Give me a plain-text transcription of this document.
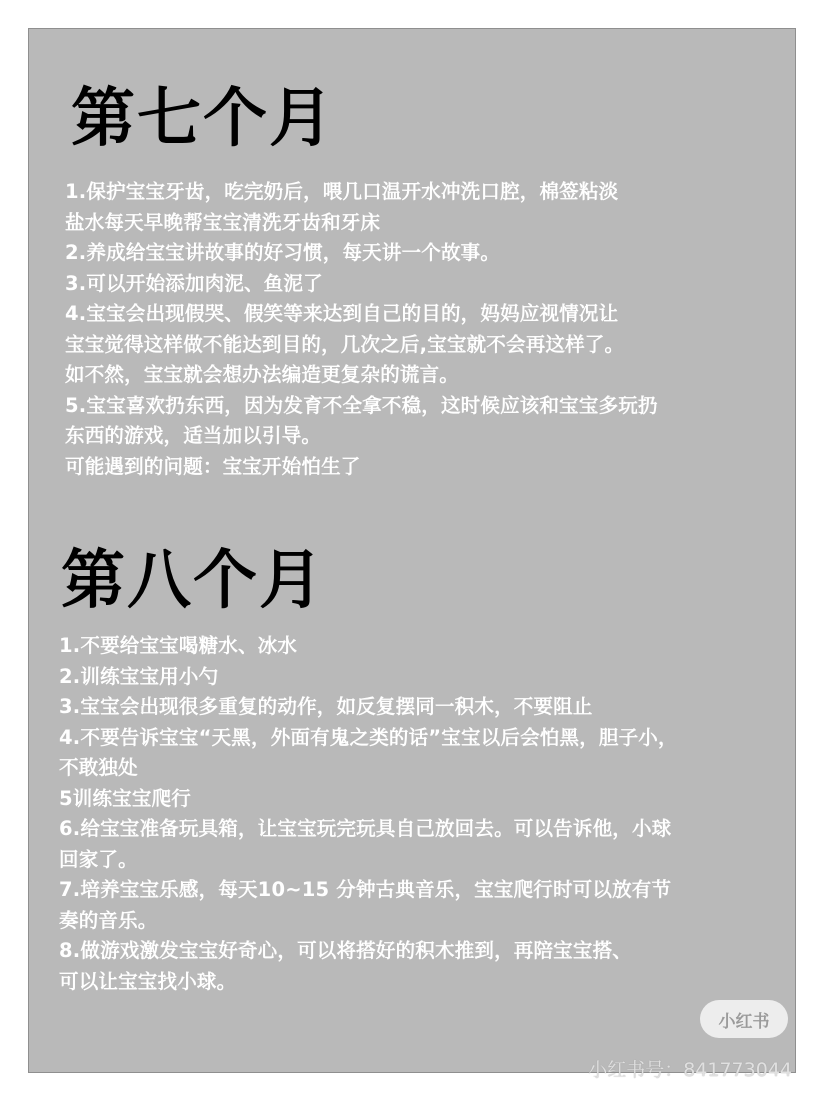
第七个月
1.保护宝宝牙齿，吃完奶后，喂几口温开水冲洗口腔，棉签粘淡
盐水每天早晚帮宝宝清洗牙齿和牙床
2.养成给宝宝讲故事的好习惯，每天讲一个故事。
3.可以开始添加肉泥、鱼泥了
4.宝宝会出现假哭、假笑等来达到自己的目的，妈妈应视情况让
宝宝觉得这样做不能达到目的，几次之后,宝宝就不会再这样了。
如不然，宝宝就会想办法编造更复杂的谎言。
5.宝宝喜欢扔东西，因为发育不全拿不稳，这时候应该和宝宝多玩扔
东西的游戏，适当加以引导。
可能遇到的问题：宝宝开始怕生了
第八个月
1.不要给宝宝喝糖水、冰水
2.训练宝宝用小勺
3.宝宝会出现很多重复的动作，如反复摆同一积木，不要阻止
4.不要告诉宝宝“天黑，外面有鬼之类的话”宝宝以后会怕黑，胆子小，
不敢独处
5训练宝宝爬行
6.给宝宝准备玩具箱，让宝宝玩完玩具自己放回去。可以告诉他，小球
回家了。
7.培养宝宝乐感，每天10~15 分钟古典音乐，宝宝爬行时可以放有节
奏的音乐。
8.做游戏激发宝宝好奇心，可以将搭好的积木推到，再陪宝宝搭、
可以让宝宝找小球。
小红书
小红书号：841773044
